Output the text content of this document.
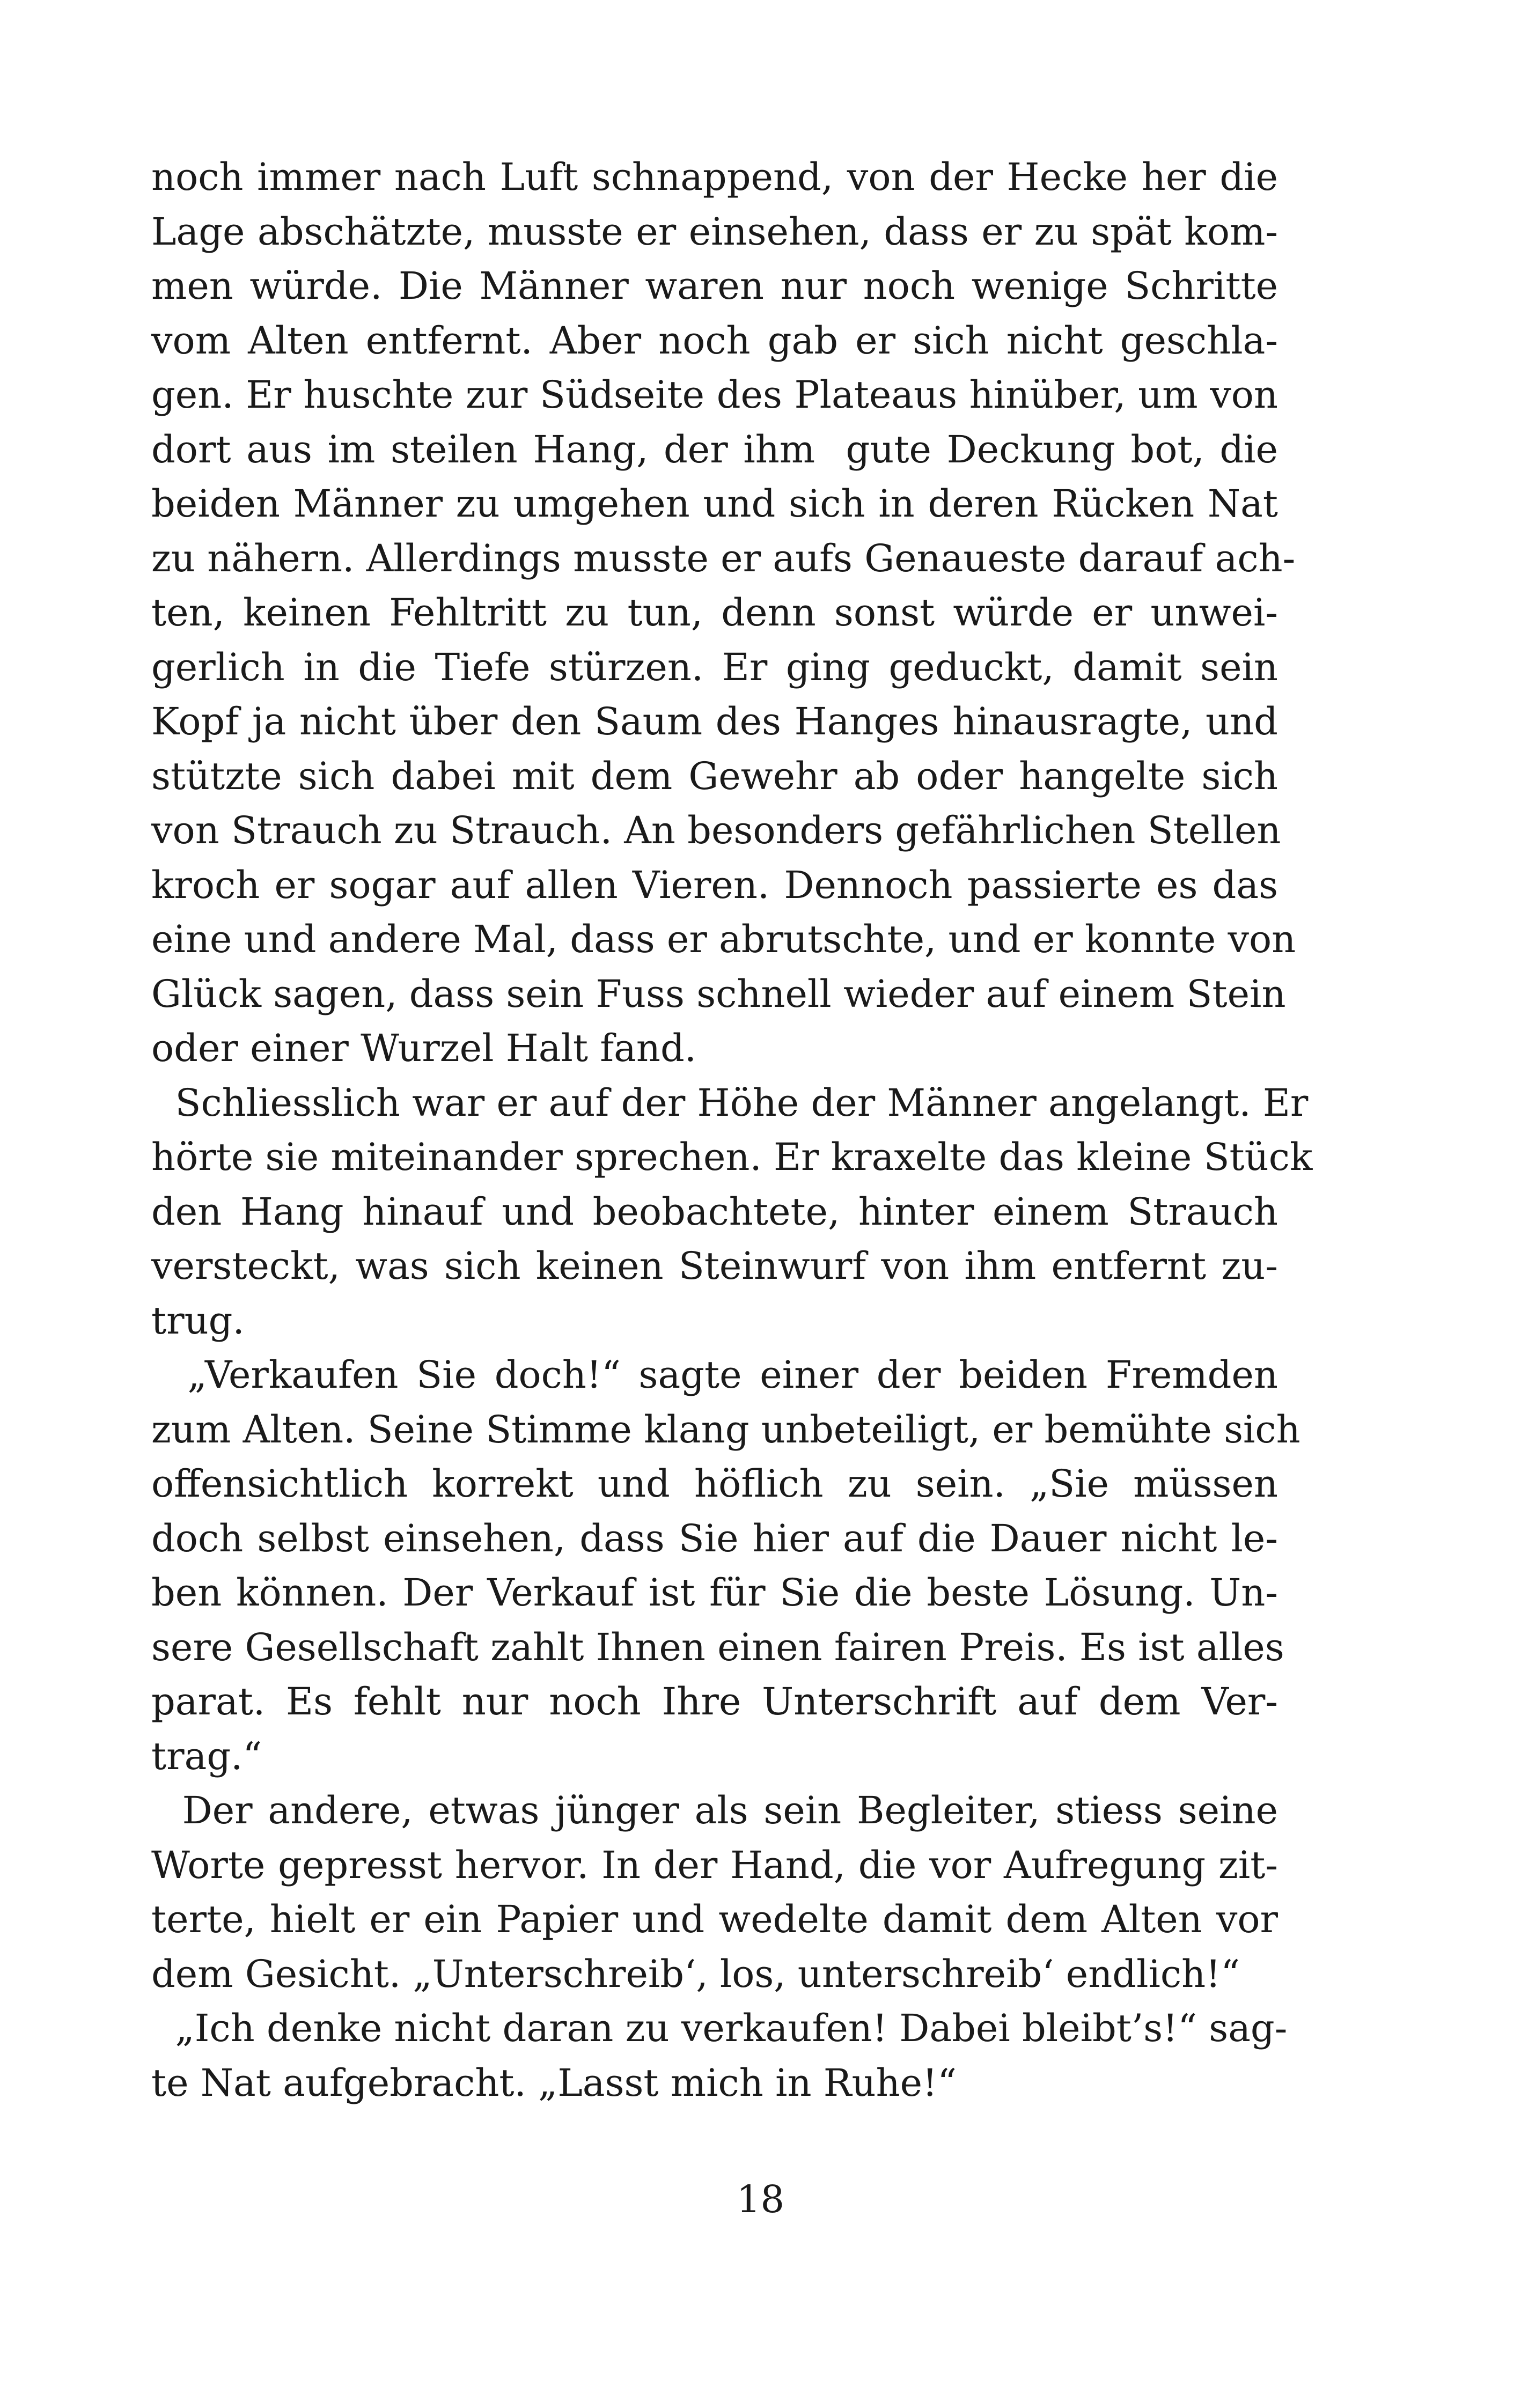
noch immer nach Luft schnappend, von der Hecke her die
Lage abschätzte, musste er einsehen, dass er zu spät kom-
men würde. Die Männer waren nur noch wenige Schritte
vom Alten entfernt. Aber noch gab er sich nicht geschla-
gen. Er huschte zur Südseite des Plateaus hinüber, um von
dort aus im steilen Hang, der ihm  gute Deckung bot, die
beiden Männer zu umgehen und sich in deren Rücken Nat
zu nähern. Allerdings musste er aufs Genaueste darauf ach-
ten, keinen Fehltritt zu tun, denn sonst würde er unwei-
gerlich in die Tiefe stürzen. Er ging geduckt, damit sein
Kopf ja nicht über den Saum des Hanges hinausragte, und
stützte sich dabei mit dem Gewehr ab oder hangelte sich
von Strauch zu Strauch. An besonders gefährlichen Stellen
kroch er sogar auf allen Vieren. Dennoch passierte es das
eine und andere Mal, dass er abrutschte, und er konnte von
Glück sagen, dass sein Fuss schnell wieder auf einem Stein
oder einer Wurzel Halt fand.
Schliesslich war er auf der Höhe der Männer angelangt. Er
hörte sie miteinander sprechen. Er kraxelte das kleine Stück
den Hang hinauf und beobachtete, hinter einem Strauch
versteckt, was sich keinen Steinwurf von ihm entfernt zu-
trug.
„Verkaufen Sie doch!“ sagte einer der beiden Fremden
zum Alten. Seine Stimme klang unbeteiligt, er bemühte sich
offensichtlich korrekt und höflich zu sein. „Sie müssen
doch selbst einsehen, dass Sie hier auf die Dauer nicht le-
ben können. Der Verkauf ist für Sie die beste Lösung. Un-
sere Gesellschaft zahlt Ihnen einen fairen Preis. Es ist alles
parat. Es fehlt nur noch Ihre Unterschrift auf dem Ver-
trag.“
Der andere, etwas jünger als sein Begleiter, stiess seine
Worte gepresst hervor. In der Hand, die vor Aufregung zit-
terte, hielt er ein Papier und wedelte damit dem Alten vor
dem Gesicht. „Unterschreib‘, los, unterschreib‘ endlich!“
„Ich denke nicht daran zu verkaufen! Dabei bleibt’s!“ sag-
te Nat aufgebracht. „Lasst mich in Ruhe!“
18
